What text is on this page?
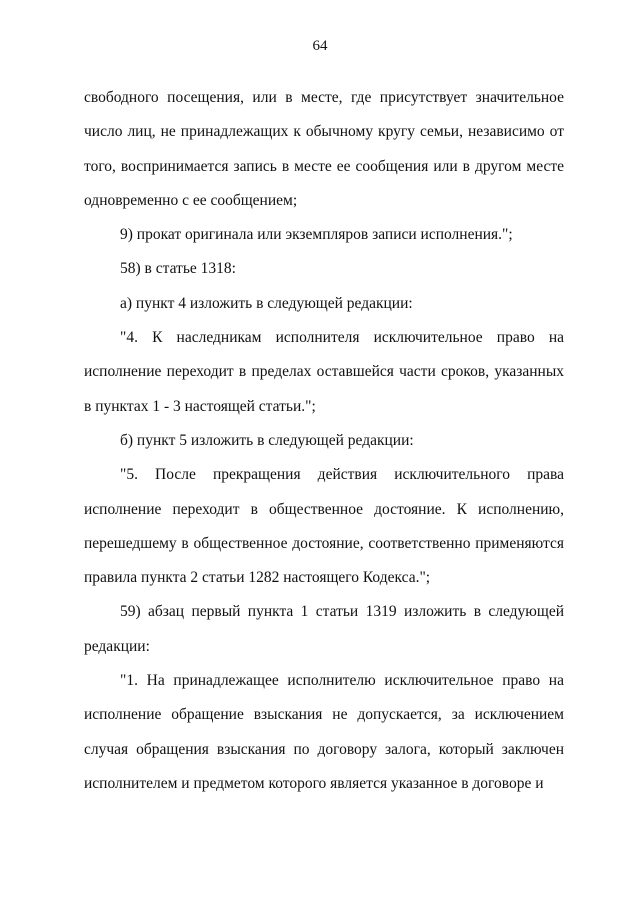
64

свободного посещения, или в месте, где присутствует значительное число лиц, не принадлежащих к обычному кругу семьи, независимо от того, воспринимается запись в месте ее сообщения или в другом месте одновременно с ее сообщением;

9) прокат оригинала или экземпляров записи исполнения.";

58) в статье 1318:

а) пункт 4 изложить в следующей редакции:

"4. К наследникам исполнителя исключительное право на исполнение переходит в пределах оставшейся части сроков, указанных в пунктах 1 - 3 настоящей статьи.";

б) пункт 5 изложить в следующей редакции:

"5. После прекращения действия исключительного права исполнение переходит в общественное достояние. К исполнению, перешедшему в общественное достояние, соответственно применяются правила пункта 2 статьи 1282 настоящего Кодекса.";

59) абзац первый пункта 1 статьи 1319 изложить в следующей редакции:

"1. На принадлежащее исполнителю исключительное право на исполнение обращение взыскания не допускается, за исключением случая обращения взыскания по договору залога, который заключен исполнителем и предметом которого является указанное в договоре и
